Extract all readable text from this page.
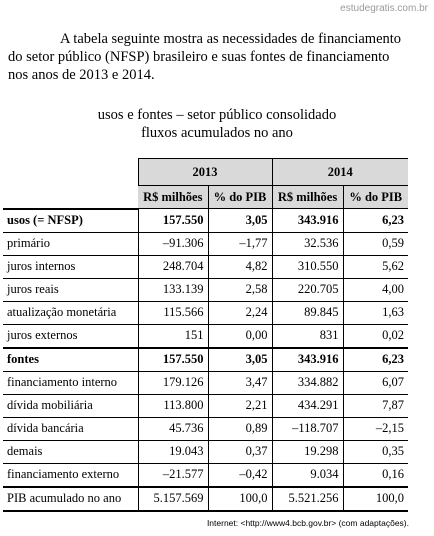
estudegratis.com.br
A tabela seguinte mostra as necessidades de financiamento
do setor público (NFSP) brasileiro e suas fontes de financiamento
nos anos de 2013 e 2014.
usos e fontes – setor público consolidado
fluxos acumulados no ano
	2013		2014	
	R$ milhões	% do PIB	R$ milhões	% do PIB
usos (= NFSP)	157.550	3,05	343.916	6,23
primário	–91.306	–1,77	32.536	0,59
juros internos	248.704	4,82	310.550	5,62
juros reais	133.139	2,58	220.705	4,00
atualização monetária	115.566	2,24	89.845	1,63
juros externos	151	0,00	831	0,02
fontes	157.550	3,05	343.916	6,23
financiamento interno	179.126	3,47	334.882	6,07
dívida mobiliária	113.800	2,21	434.291	7,87
dívida bancária	45.736	0,89	–118.707	–2,15
demais	19.043	0,37	19.298	0,35
financiamento externo	–21.577	–0,42	9.034	0,16
PIB acumulado no ano	5.157.569	100,0	5.521.256	100,0
Internet: <http://www4.bcb.gov.br> (com adaptações).
